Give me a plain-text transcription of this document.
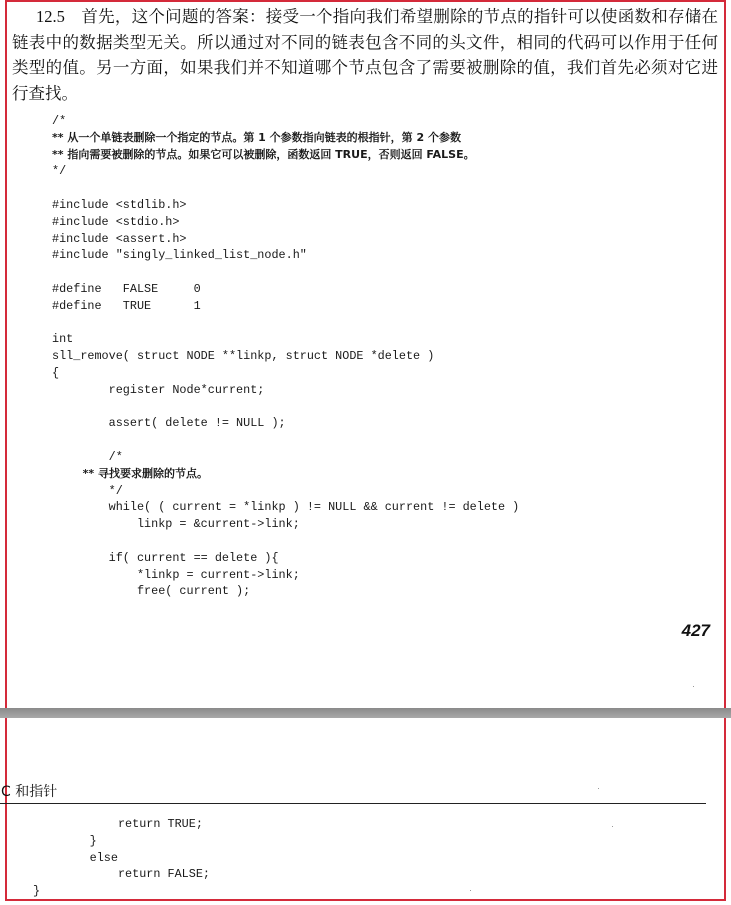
12.5 首先，这个问题的答案：接受一个指向我们希望删除的节点的指针可以使函数和存储在链表中的数据类型无关。所以通过对不同的链表包含不同的头文件，相同的代码可以作用于任何类型的值。另一方面，如果我们并不知道哪个节点包含了需要被删除的值，我们首先必须对它进行查找。

/*
** 从一个单链表删除一个指定的节点。第 1 个参数指向链表的根指针，第 2 个参数
** 指向需要被删除的节点。如果它可以被删除，函数返回 TRUE，否则返回 FALSE。
*/

#include <stdlib.h>
#include <stdio.h>
#include <assert.h>
#include "singly_linked_list_node.h"

#define   FALSE     0
#define   TRUE      1

int
sll_remove( struct NODE **linkp, struct NODE *delete )
{
register Node*current;

assert( delete != NULL );

/*
** 寻找要求删除的节点。
*/
while( ( current = *linkp ) != NULL && current != delete )
linkp = &current->link;

if( current == delete ){
*linkp = current->link;
free( current );
427
C 和指针
return TRUE;
}
else
return FALSE;
}
